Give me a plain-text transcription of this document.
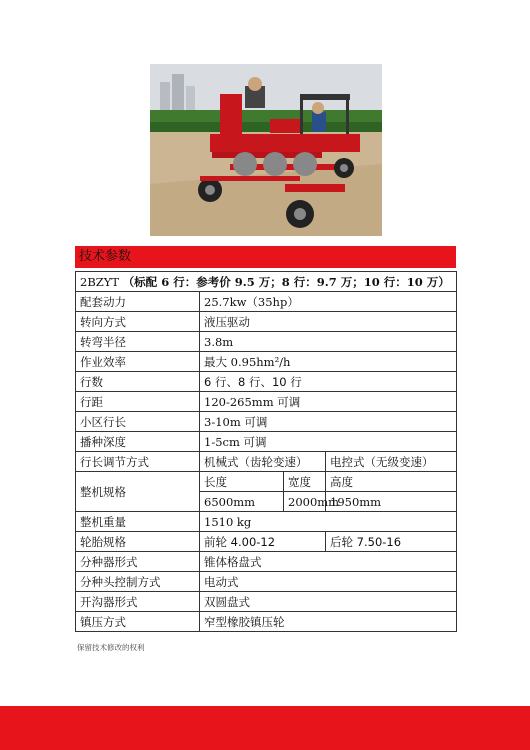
技术参数
2BZYT （标配 6 行：参考价 9.5 万；8 行：9.7 万；10 行：10 万）			
配套动力	25.7kw（35hp）		
转向方式	液压驱动		
转弯半径	3.8m		
作业效率	最大 0.95hm²/h		
行数	6 行、8 行、10 行		
行距	120-265mm 可调		
小区行长	3-10m 可调		
播种深度	1-5cm 可调		
行长调节方式	机械式（齿轮变速）		电控式（无级变速）
整机规格	长度	宽度	高度
	6500mm	2000mm	1950mm
整机重量	1510 kg		
轮胎规格	前轮 4.00-12		后轮 7.50-16
分种器形式	锥体格盘式		
分种头控制方式	电动式		
开沟器形式	双圆盘式		
镇压方式	窄型橡胶镇压轮		
保留技术修改的权利
